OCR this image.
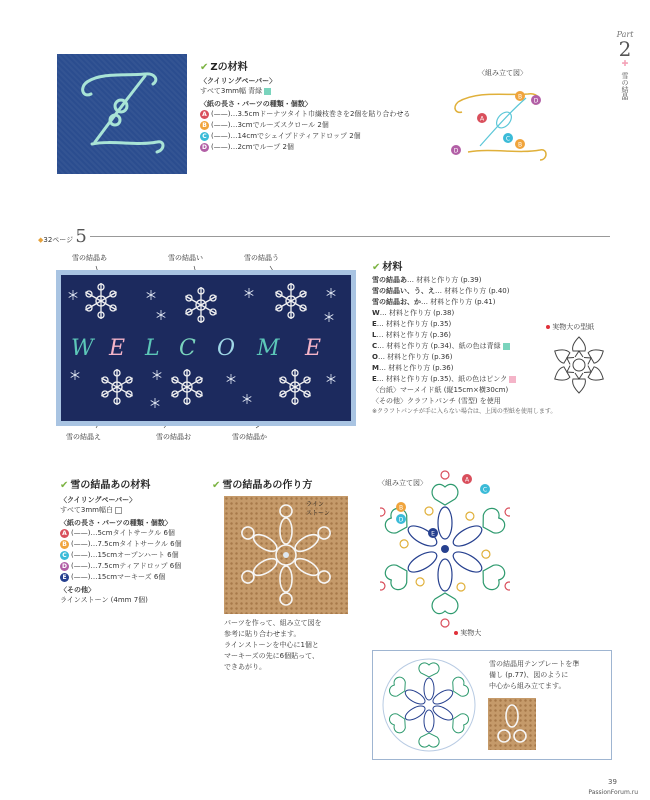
Part
2
✚
雪の結晶
✔ Zの材料
〈クイリングペーパー〉
すべて3mm幅 青緑
〈紙の長さ・パーツの種類・個数〉
A (——)…3.5cmドーナツタイト巾繊枝巻きを2個を貼り合わせる
B (——)…3cmでルーズスクロール 2個
C (——)…14cmでシェイプドティアドロップ 2個
D (——)…2cmでループ 2個
〈組み立て図〉
D
B
A
C
D
B
◆32ページ 5
雪の結晶あ	雪の結晶い	雪の結晶う
W E L C O M E
雪の結晶え	雪の結晶お	雪の結晶か
✔ 材料
雪の結晶あ… 材料と作り方 (p.39)
雪の結晶い、う、え… 材料と作り方 (p.40)
雪の結晶お、か… 材料と作り方 (p.41)
W… 材料と作り方 (p.38)
E… 材料と作り方 (p.35)
L… 材料と作り方 (p.36)
C… 材料と作り方 (p.34)、紙の色は青緑
O… 材料と作り方 (p.36)
M… 材料と作り方 (p.36)
E… 材料と作り方 (p.35)、紙の色はピンク
〈台紙〉マーメイド紙 (縦15cm×横30cm)
〈その他〉クラフトパンチ (雪型) を使用
※クラフトパンチが手に入らない場合は、上図の型紙を使用します。
実物大の型紙
✔ 雪の結晶あの材料
〈クイリングペーパー〉
すべて3mm幅白
〈紙の長さ・パーツの種類・個数〉
A (——)…5cmタイトサークル 6個
B (——)…7.5cmタイトサークル 6個
C (——)…15cmオープンハート 6個
D (——)…7.5cmティアドロップ 6個
E (——)…15cmマーキーズ 6個
〈その他〉
ラインストーン (4mm 7個)
✔ 雪の結晶あの作り方
ライン
ストーン
パーツを作って、組み立て図を
参考に貼り合わせます。
ラインストーンを中心に1個と
マーキーズの先に6個貼って、
できあがり。
〈組み立て図〉	A
B
C
D
E
実物大
雪の結晶用テンプレートを準
備し (p.77)、図のように
中心から組み立てます。
39
PassionForum.ru
